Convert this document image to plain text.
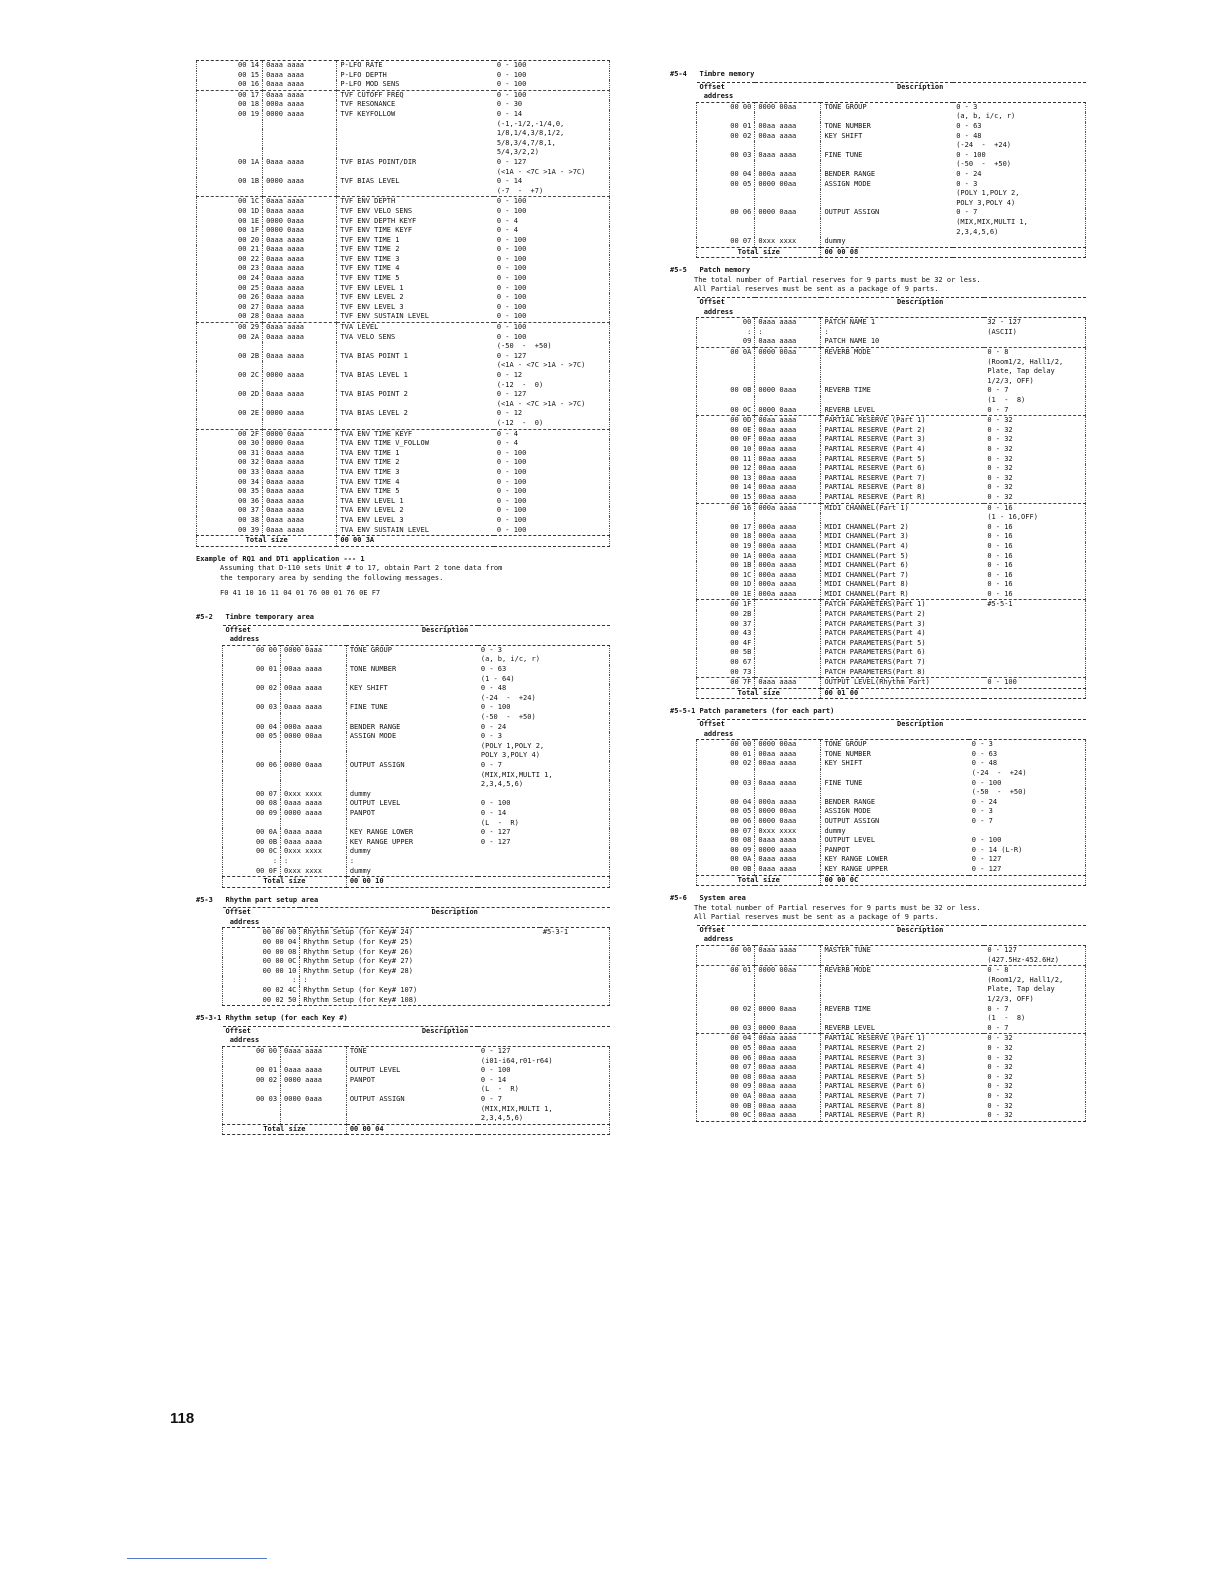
00 14	0aaa aaaa	P-LFO RATE	0 - 100
00 15	0aaa aaaa	P-LFO DEPTH	0 - 100
00 16	0aaa aaaa	P-LFO MOD SENS	0 - 100
00 17	0aaa aaaa	TVF CUTOFF FREQ	0 - 100
00 18	000a aaaa	TVF RESONANCE	0 - 30
00 19	0000 aaaa	TVF KEYFOLLOW	0 - 14
			(-1,-1/2,-1/4,0,
			1/8,1/4,3/8,1/2,
			5/8,3/4,7/8,1,
			5/4,3/2,2)
00 1A	0aaa aaaa	TVF BIAS POINT/DIR	0 - 127
			(<1A - <7C >1A - >7C)
00 1B	0000 aaaa	TVF BIAS LEVEL	0 - 14
			(-7  -  +7)
00 1C	0aaa aaaa	TVF ENV DEPTH	0 - 100
00 1D	0aaa aaaa	TVF ENV VELO SENS	0 - 100
00 1E	0000 0aaa	TVF ENV DEPTH KEYF	0 - 4
00 1F	0000 0aaa	TVF ENV TIME KEYF	0 - 4
00 20	0aaa aaaa	TVF ENV TIME 1	0 - 100
00 21	0aaa aaaa	TVF ENV TIME 2	0 - 100
00 22	0aaa aaaa	TVF ENV TIME 3	0 - 100
00 23	0aaa aaaa	TVF ENV TIME 4	0 - 100
00 24	0aaa aaaa	TVF ENV TIME 5	0 - 100
00 25	0aaa aaaa	TVF ENV LEVEL 1	0 - 100
00 26	0aaa aaaa	TVF ENV LEVEL 2	0 - 100
00 27	0aaa aaaa	TVF ENV LEVEL 3	0 - 100
00 28	0aaa aaaa	TVF ENV SUSTAIN LEVEL	0 - 100
00 29	0aaa aaaa	TVA LEVEL	0 - 100
00 2A	0aaa aaaa	TVA VELO SENS	0 - 100
			(-50  -  +50)
00 2B	0aaa aaaa	TVA BIAS POINT 1	0 - 127
			(<1A - <7C >1A - >7C)
00 2C	0000 aaaa	TVA BIAS LEVEL 1	0 - 12
			(-12  -  0)
00 2D	0aaa aaaa	TVA BIAS POINT 2	0 - 127
			(<1A - <7C >1A - >7C)
00 2E	0000 aaaa	TVA BIAS LEVEL 2	0 - 12
			(-12  -  0)
00 2F	0000 0aaa	TVA ENV TIME KEYF	0 - 4
00 30	0000 0aaa	TVA ENV TIME V_FOLLOW	0 - 4
00 31	0aaa aaaa	TVA ENV TIME 1	0 - 100
00 32	0aaa aaaa	TVA ENV TIME 2	0 - 100
00 33	0aaa aaaa	TVA ENV TIME 3	0 - 100
00 34	0aaa aaaa	TVA ENV TIME 4	0 - 100
00 35	0aaa aaaa	TVA ENV TIME 5	0 - 100
00 36	0aaa aaaa	TVA ENV LEVEL 1	0 - 100
00 37	0aaa aaaa	TVA ENV LEVEL 2	0 - 100
00 38	0aaa aaaa	TVA ENV LEVEL 3	0 - 100
00 39	0aaa aaaa	TVA ENV SUSTAIN LEVEL	0 - 100
Total size		00 00 3A	
Example of RQ1 and DT1 application --- 1
Assuming that D-110 sets Unit # to 17, obtain Part 2 tone data from
the temporary area by sending the following messages.
F0 41 10 16 11 04 01 76 00 01 76 0E F7
#5-2   Timbre temporary area
Offset
address	Description		
00 00	0000 0aaa	TONE GROUP	0 - 3
			(a, b, i/c, r)
00 01	00aa aaaa	TONE NUMBER	0 - 63
			(1 - 64)
00 02	00aa aaaa	KEY SHIFT	0 - 48
			(-24  -  +24)
00 03	0aaa aaaa	FINE TUNE	0 - 100
			(-50  -  +50)
00 04	000a aaaa	BENDER RANGE	0 - 24
00 05	0000 00aa	ASSIGN MODE	0 - 3
			(POLY 1,POLY 2,
			POLY 3,POLY 4)
00 06	0000 0aaa	OUTPUT ASSIGN	0 - 7
			(MIX,MIX,MULTI 1,
			2,3,4,5,6)
00 07	0xxx xxxx	dummy	
00 08	0aaa aaaa	OUTPUT LEVEL	0 - 100
00 09	0000 aaaa	PANPOT	0 - 14
			(L  -  R)
00 0A	0aaa aaaa	KEY RANGE LOWER	0 - 127
00 0B	0aaa aaaa	KEY RANGE UPPER	0 - 127
00 0C	0xxx xxxx	dummy	
:	:	:	
00 0F	0xxx xxxx	dummy	
Total size		00 00 10	
#5-3   Rhythm part setup area
Offset
address	Description	
00 00 00	Rhythm Setup (for Key# 24)	#5-3-1
00 00 04	Rhythm Setup (for Key# 25)	
00 00 08	Rhythm Setup (for Key# 26)	
00 00 0C	Rhythm Setup (for Key# 27)	
00 00 10	Rhythm Setup (for Key# 28)	
:	:	
00 02 4C	Rhythm Setup (for Key# 107)	
00 02 50	Rhythm Setup (for Key# 108)	
#5-3-1 Rhythm setup (for each Key #)
Offset
address	Description		
00 00	0aaa aaaa	TONE	0 - 127
			(i01-i64,r01-r64)
00 01	0aaa aaaa	OUTPUT LEVEL	0 - 100
00 02	0000 aaaa	PANPOT	0 - 14
			(L  -  R)
00 03	0000 0aaa	OUTPUT ASSIGN	0 - 7
			(MIX,MIX,MULTI 1,
			2,3,4,5,6)
Total size		00 00 04	
#5-4   Timbre memory
Offset
address	Description		
00 00	0000 00aa	TONE GROUP	0 - 3
			(a, b, i/c, r)
00 01	00aa aaaa	TONE NUMBER	0 - 63
00 02	00aa aaaa	KEY SHIFT	0 - 48
			(-24  -  +24)
00 03	0aaa aaaa	FINE TUNE	0 - 100
			(-50  -  +50)
00 04	000a aaaa	BENDER RANGE	0 - 24
00 05	0000 00aa	ASSIGN MODE	0 - 3
			(POLY 1,POLY 2,
			POLY 3,POLY 4)
00 06	0000 0aaa	OUTPUT ASSIGN	0 - 7
			(MIX,MIX,MULTI 1,
			2,3,4,5,6)
00 07	0xxx xxxx	dummy	
Total size		00 00 08	
#5-5   Patch memory
The total number of Partial reserves for 9 parts must be 32 or less.
All Partial reserves must be sent as a package of 9 parts.
Offset
address	Description		
00	0aaa aaaa	PATCH NAME 1	32 - 127
:	:	:	(ASCII)
09	0aaa aaaa	PATCH NAME 10	
00 0A	0000 00aa	REVERB MODE	0 - 8
			(Room1/2, Hall1/2,
			Plate, Tap delay
			1/2/3, OFF)
00 0B	0000 0aaa	REVERB TIME	0 - 7
			(1  -  8)
00 0C	0000 0aaa	REVERB LEVEL	0 - 7
00 0D	00aa aaaa	PARTIAL RESERVE (Part 1)	0 - 32
00 0E	00aa aaaa	PARTIAL RESERVE (Part 2)	0 - 32
00 0F	00aa aaaa	PARTIAL RESERVE (Part 3)	0 - 32
00 10	00aa aaaa	PARTIAL RESERVE (Part 4)	0 - 32
00 11	00aa aaaa	PARTIAL RESERVE (Part 5)	0 - 32
00 12	00aa aaaa	PARTIAL RESERVE (Part 6)	0 - 32
00 13	00aa aaaa	PARTIAL RESERVE (Part 7)	0 - 32
00 14	00aa aaaa	PARTIAL RESERVE (Part 8)	0 - 32
00 15	00aa aaaa	PARTIAL RESERVE (Part R)	0 - 32
00 16	000a aaaa	MIDI CHANNEL(Part 1)	0 - 16
			(1 - 16,OFF)
00 17	000a aaaa	MIDI CHANNEL(Part 2)	0 - 16
00 18	000a aaaa	MIDI CHANNEL(Part 3)	0 - 16
00 19	000a aaaa	MIDI CHANNEL(Part 4)	0 - 16
00 1A	000a aaaa	MIDI CHANNEL(Part 5)	0 - 16
00 1B	000a aaaa	MIDI CHANNEL(Part 6)	0 - 16
00 1C	000a aaaa	MIDI CHANNEL(Part 7)	0 - 16
00 1D	000a aaaa	MIDI CHANNEL(Part 8)	0 - 16
00 1E	000a aaaa	MIDI CHANNEL(Part R)	0 - 16
00 1F		PATCH PARAMETERS(Part 1)	#5-5-1
00 2B		PATCH PARAMETERS(Part 2)	
00 37		PATCH PARAMETERS(Part 3)	
00 43		PATCH PARAMETERS(Part 4)	
00 4F		PATCH PARAMETERS(Part 5)	
00 5B		PATCH PARAMETERS(Part 6)	
00 67		PATCH PARAMETERS(Part 7)	
00 73		PATCH PARAMETERS(Part 8)	
00 7F	0aaa aaaa	OUTPUT LEVEL(Rhythm Part)	0 - 100
Total size		00 01 00	
#5-5-1 Patch parameters (for each part)
Offset
address	Description		
00 00	0000 00aa	TONE GROUP	0 - 3
00 01	00aa aaaa	TONE NUMBER	0 - 63
00 02	00aa aaaa	KEY SHIFT	0 - 48
			(-24  -  +24)
00 03	0aaa aaaa	FINE TUNE	0 - 100
			(-50  -  +50)
00 04	000a aaaa	BENDER RANGE	0 - 24
00 05	0000 00aa	ASSIGN MODE	0 - 3
00 06	0000 0aaa	OUTPUT ASSIGN	0 - 7
00 07	0xxx xxxx	dummy	
00 08	0aaa aaaa	OUTPUT LEVEL	0 - 100
00 09	0000 aaaa	PANPOT	0 - 14 (L-R)
00 0A	0aaa aaaa	KEY RANGE LOWER	0 - 127
00 0B	0aaa aaaa	KEY RANGE UPPER	0 - 127
Total size		00 00 0C	
#5-6   System area
The total number of Partial reserves for 9 parts must be 32 or less.
All Partial reserves must be sent as a package of 9 parts.
Offset
address	Description		
00 00	0aaa aaaa	MASTER TUNE	0 - 127
			(427.5Hz-452.6Hz)
00 01	0000 00aa	REVERB MODE	0 - 8
			(Room1/2, Hall1/2,
			Plate, Tap delay
			1/2/3, OFF)
00 02	0000 0aaa	REVERB TIME	0 - 7
			(1  -  8)
00 03	0000 0aaa	REVERB LEVEL	0 - 7
00 04	00aa aaaa	PARTIAL RESERVE (Part 1)	0 - 32
00 05	00aa aaaa	PARTIAL RESERVE (Part 2)	0 - 32
00 06	00aa aaaa	PARTIAL RESERVE (Part 3)	0 - 32
00 07	00aa aaaa	PARTIAL RESERVE (Part 4)	0 - 32
00 08	00aa aaaa	PARTIAL RESERVE (Part 5)	0 - 32
00 09	00aa aaaa	PARTIAL RESERVE (Part 6)	0 - 32
00 0A	00aa aaaa	PARTIAL RESERVE (Part 7)	0 - 32
00 0B	00aa aaaa	PARTIAL RESERVE (Part 8)	0 - 32
00 0C	00aa aaaa	PARTIAL RESERVE (Part R)	0 - 32
118
